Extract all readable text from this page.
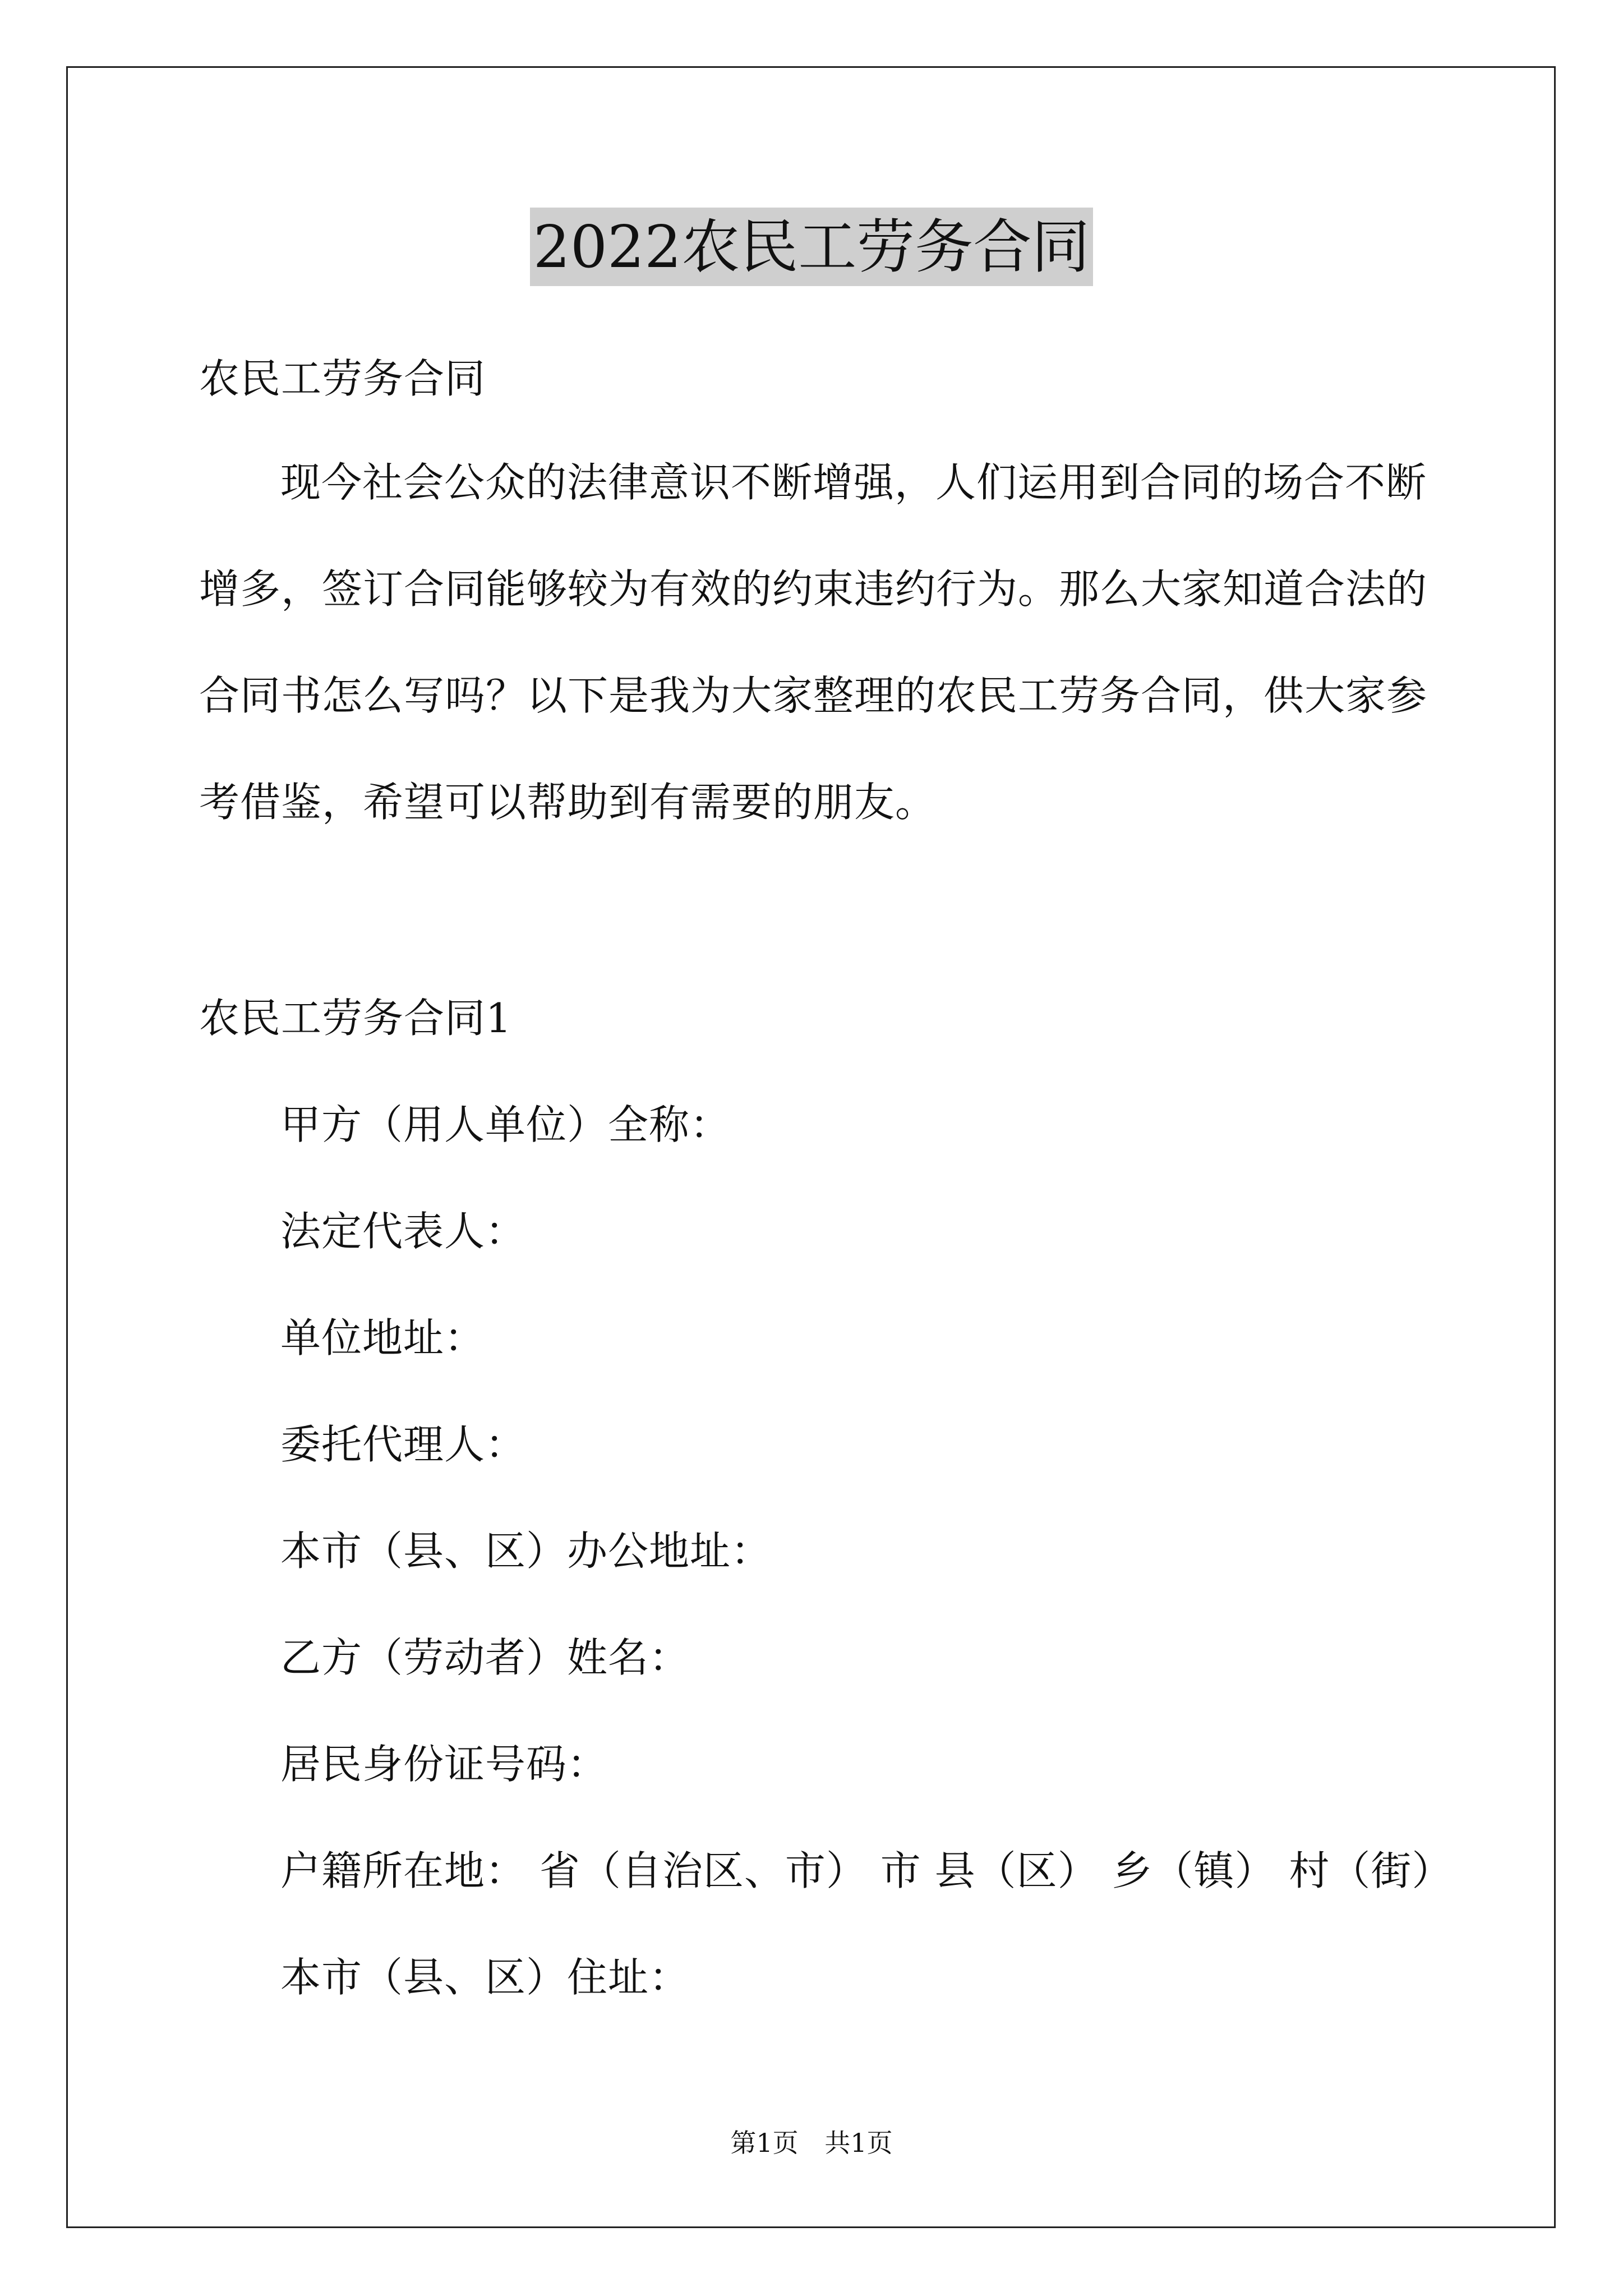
2022农民工劳务合同
农民工劳务合同
现今社会公众的法律意识不断增强，人们运用到合同的场合不断
增多，签订合同能够较为有效的约束违约行为。那么大家知道合法的
合同书怎么写吗？以下是我为大家整理的农民工劳务合同，供大家参
考借鉴，希望可以帮助到有需要的朋友。
农民工劳务合同1
甲方（用人单位）全称：
法定代表人：
单位地址：
委托代理人：
本市（县、区）办公地址：
乙方（劳动者）姓名：
居民身份证号码：
户籍所在地： 省（自治区、市） 市 县（区） 乡（镇） 村（街）
本市（县、区）住址：
第1页 共1页
